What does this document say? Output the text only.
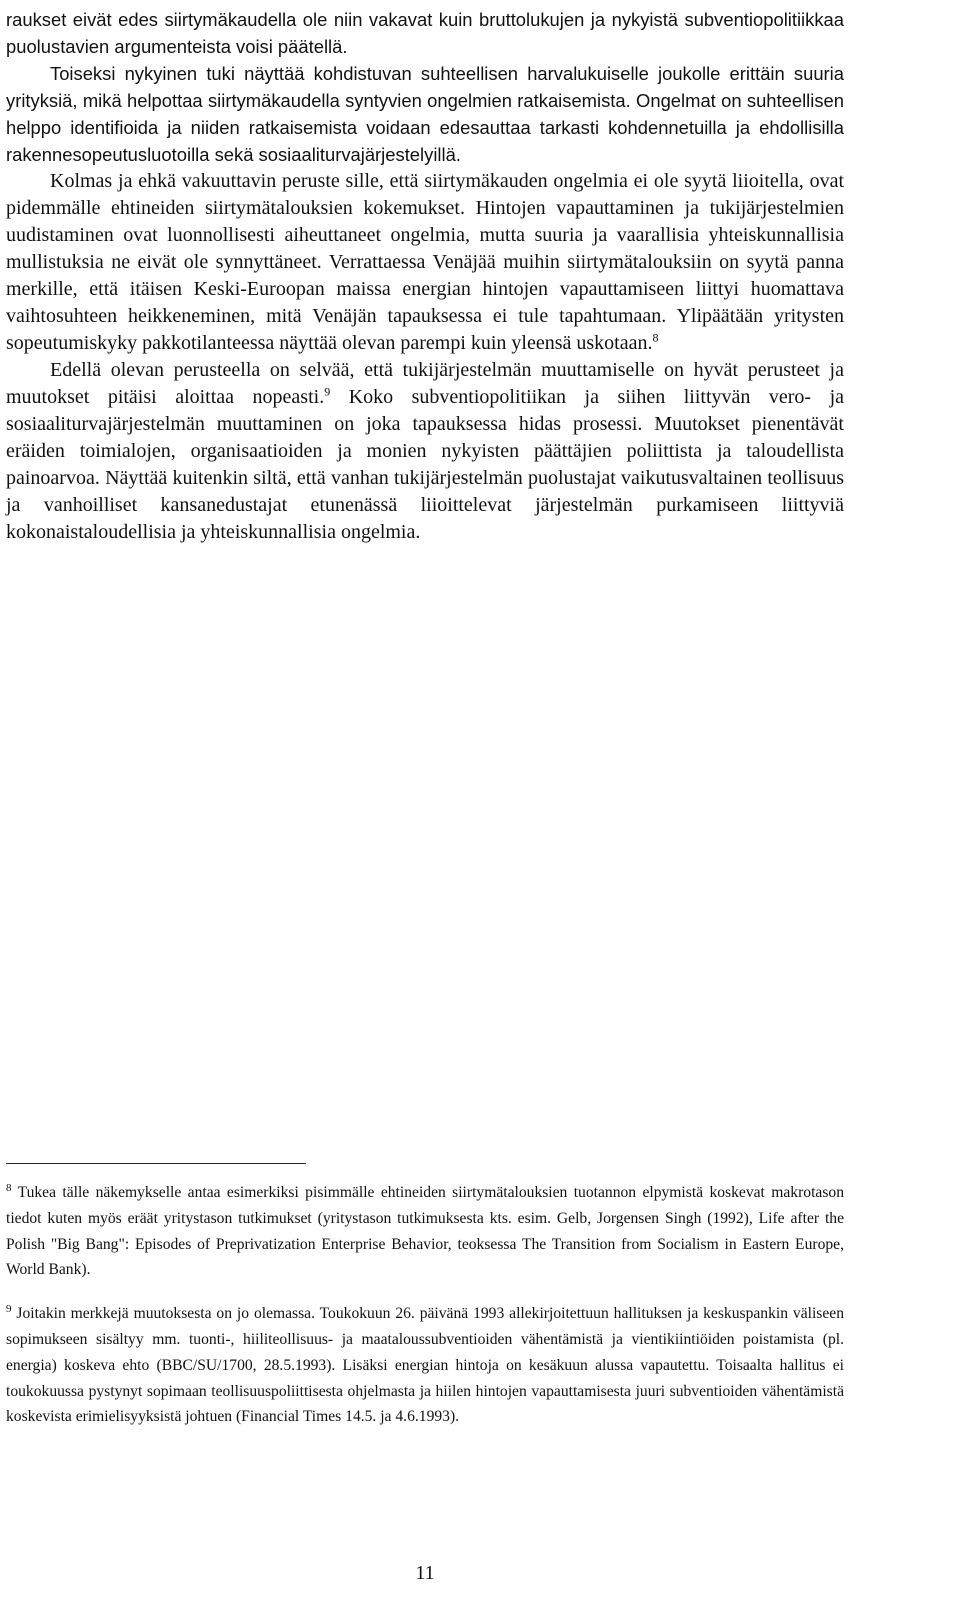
raukset eivät edes siirtymäkaudella ole niin vakavat kuin bruttolukujen ja nykyistä subventiopolitiikkaa puolustavien argumenteista voisi päätellä.

Toiseksi nykyinen tuki näyttää kohdistuvan suhteellisen harvalukuiselle joukolle erittäin suuria yrityksiä, mikä helpottaa siirtymäkaudella syntyvien ongelmien ratkaisemista. Ongelmat on suhteellisen helppo identifioida ja niiden ratkaisemista voidaan edesauttaa tarkasti kohdennetuilla ja ehdollisilla rakennesopeutusluotoilla sekä sosiaaliturvajärjestelyillä.

Kolmas ja ehkä vakuuttavin peruste sille, että siirtymäkauden ongelmia ei ole syytä liioitella, ovat pidemmälle ehtineiden siirtymätalouksien kokemukset. Hintojen vapauttaminen ja tukijärjestelmien uudistaminen ovat luonnollisesti aiheuttaneet ongelmia, mutta suuria ja vaarallisia yhteiskunnallisia mullistuksia ne eivät ole synnyttäneet. Verrattaessa Venäjää muihin siirtymätalouksiin on syytä panna merkille, että itäisen Keski-Euroopan maissa energian hintojen vapauttamiseen liittyi huomattava vaihtosuhteen heikkeneminen, mitä Venäjän tapauksessa ei tule tapahtumaan. Ylipäätään yritysten sopeutumiskyky pakkotilanteessa näyttää olevan parempi kuin yleensä uskotaan.$^8$

Edellä olevan perusteella on selvää, että tukijärjestelmän muuttamiselle on hyvät perusteet ja muutokset pitäisi aloittaa nopeasti.$^9$ Koko subventiopolitiikan ja siihen liittyvän vero- ja sosiaaliturvajärjestelmän muuttaminen on joka tapauksessa hidas prosessi. Muutokset pienentävät eräiden toimialojen, organisaatioiden ja monien nykyisten päättäjien poliittista ja taloudellista painoarvoa. Näyttää kuitenkin siltä, että vanhan tukijärjestelmän puolustajat vaikutusvaltainen teollisuus ja vanhoilliset kansanedustajat etunenässä liioittelevat järjestelmän purkamiseen liittyviä kokonaistaloudellisia ja yhteiskunnallisia ongelmia.

$^8$ Tukea tälle näkemykselle antaa esimerkiksi pisimmälle ehtineiden siirtymätalouksien tuotannon elpymistä koskevat makrotason tiedot kuten myös eräät yritystason tutkimukset (yritystason tutkimuksesta kts. esim. Gelb, Jorgensen Singh (1992), Life after the Polish "Big Bang": Episodes of Preprivatization Enterprise Behavior, teoksessa The Transition from Socialism in Eastern Europe, World Bank).

$^9$ Joitakin merkkejä muutoksesta on jo olemassa. Toukokuun 26. päivänä 1993 allekirjoitettuun hallituksen ja keskuspankin väliseen sopimukseen sisältyy mm. tuonti-, hiiliteollisuus- ja maataloussubventioiden vähentämistä ja vientikiintiöiden poistamista (pl. energia) koskeva ehto (BBC/SU/1700, 28.5.1993). Lisäksi energian hintoja on kesäkuun alussa vapautettu. Toisaalta hallitus ei toukokuussa pystynyt sopimaan teollisuuspoliittisesta ohjelmasta ja hiilen hintojen vapauttamisesta juuri subventioiden vähentämistä koskevista erimielisyyksistä johtuen (Financial Times 14.5. ja 4.6.1993).

11
